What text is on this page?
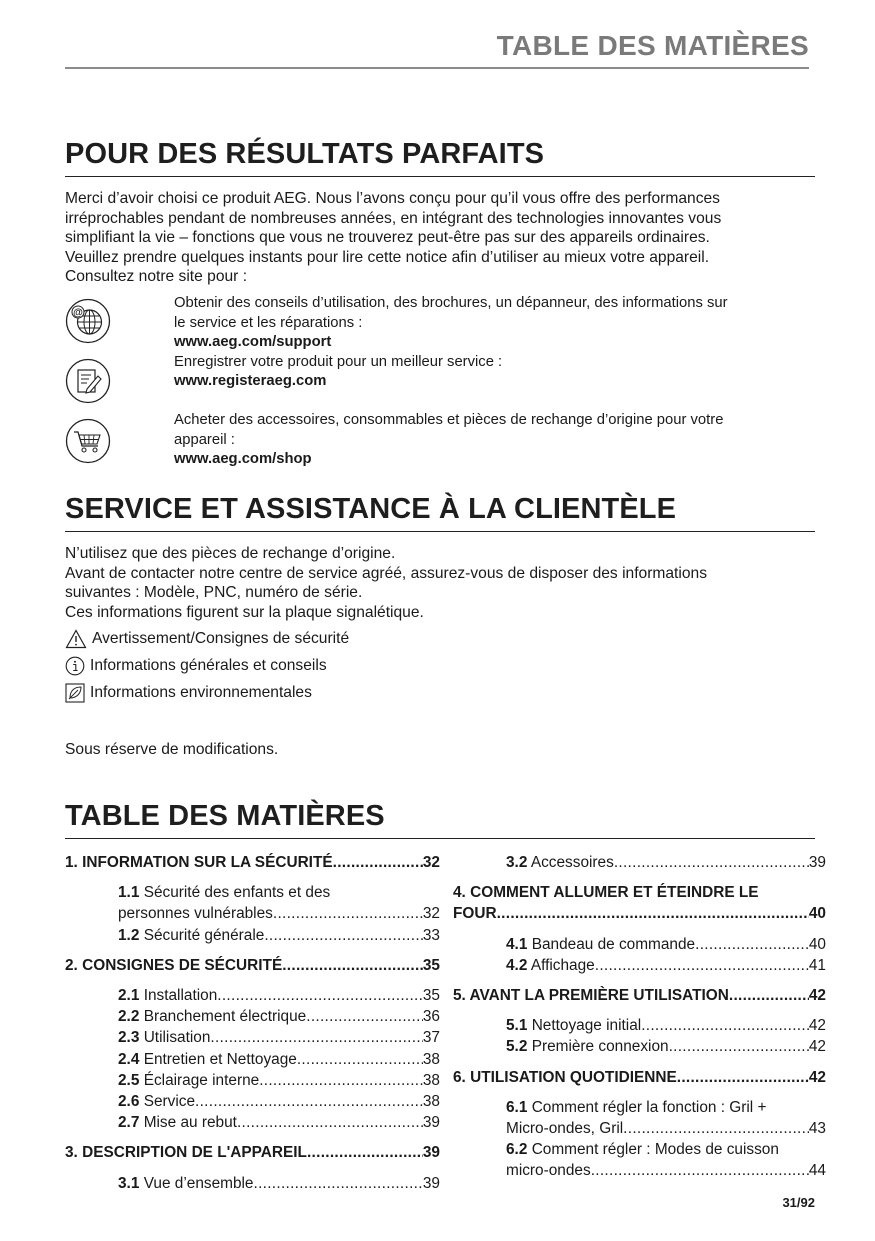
TABLE DES MATIÈRES
POUR DES RÉSULTATS PARFAITS
Merci d’avoir choisi ce produit AEG. Nous l’avons conçu pour qu’il vous offre des performances
irréprochables pendant de nombreuses années, en intégrant des technologies innovantes vous
simplifiant la vie – fonctions que vous ne trouverez peut-être pas sur des appareils ordinaires.
Veuillez prendre quelques instants pour lire cette notice afin d’utiliser au mieux votre appareil.
Consultez notre site pour :
@
Obtenir des conseils d’utilisation, des brochures, un dépanneur, des informations sur
le service et les réparations :
www.aeg.com/support
Enregistrer votre produit pour un meilleur service :
www.registeraeg.com
Acheter des accessoires, consommables et pièces de rechange d’origine pour votre
appareil :
www.aeg.com/shop
SERVICE ET ASSISTANCE À LA CLIENTÈLE
N’utilisez que des pièces de rechange d’origine.
Avant de contacter notre centre de service agréé, assurez-vous de disposer des informations
suivantes : Modèle, PNC, numéro de série.
Ces informations figurent sur la plaque signalétique.
Avertissement/Consignes de sécurité
Informations générales et conseils
Informations environnementales
Sous réserve de modifications.
TABLE DES MATIÈRES
1. INFORMATION SUR LA SÉCURITÉ .....	32
1.1 Sécurité des enfants et des
personnes vulnérables .....	32
1.2 Sécurité générale .....	33
2. CONSIGNES DE SÉCURITÉ .....	35
2.1 Installation .....	35
2.2 Branchement électrique .....	36
2.3 Utilisation .....	37
2.4 Entretien et Nettoyage .....	38
2.5 Éclairage interne .....	38
2.6 Service .....	38
2.7 Mise au rebut .....	39
3. DESCRIPTION DE L'APPAREIL .....	39
3.1 Vue d’ensemble .....	39
3.2 Accessoires .....	39
4. COMMENT ALLUMER ET ÉTEINDRE LE
FOUR .....	40
4.1 Bandeau de commande .....	40
4.2 Affichage .....	41
5. AVANT LA PREMIÈRE UTILISATION .....	42
5.1 Nettoyage initial .....	42
5.2 Première connexion .....	42
6. UTILISATION QUOTIDIENNE .....	42
6.1 Comment régler la fonction : Gril +
Micro-ondes, Gril .....	43
6.2 Comment régler : Modes de cuisson
micro-ondes .....	44
31/92
